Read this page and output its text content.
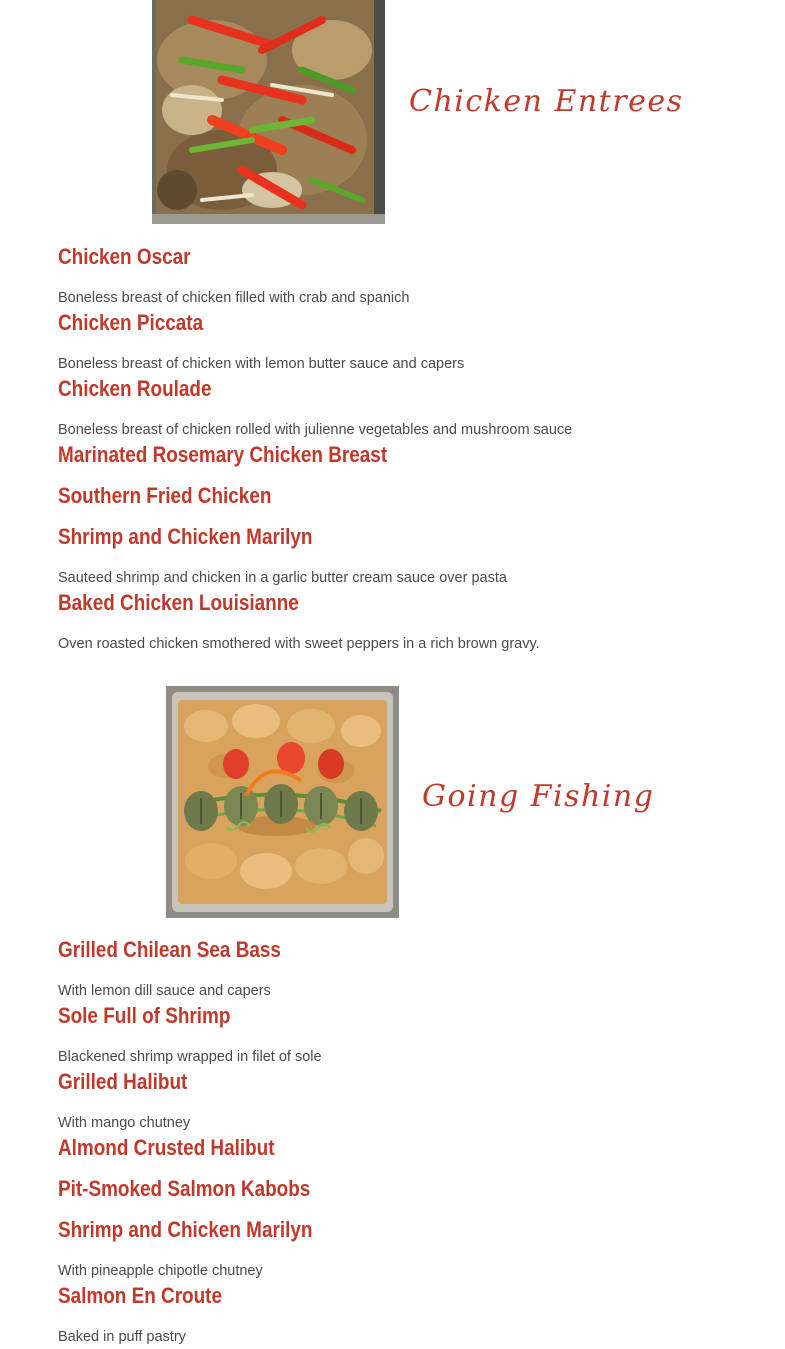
Chicken Entrees
Chicken Oscar
Boneless breast of chicken filled with crab and spanich
Chicken Piccata
Boneless breast of chicken with lemon butter sauce and capers
Chicken Roulade
Boneless breast of chicken rolled with julienne vegetables and mushroom sauce
Marinated Rosemary Chicken Breast
Southern Fried Chicken
Shrimp and Chicken Marilyn
Sauteed shrimp and chicken in a garlic butter cream sauce over pasta
Baked Chicken Louisianne
Oven roasted chicken smothered with sweet peppers in a rich brown gravy.
Going Fishing
Grilled Chilean Sea Bass
With lemon dill sauce and capers
Sole Full of Shrimp
Blackened shrimp wrapped in filet of sole
Grilled Halibut
With mango chutney
Almond Crusted Halibut
Pit-Smoked Salmon Kabobs
Shrimp and Chicken Marilyn
With pineapple chipotle chutney
Salmon En Croute
Baked in puff pastry
